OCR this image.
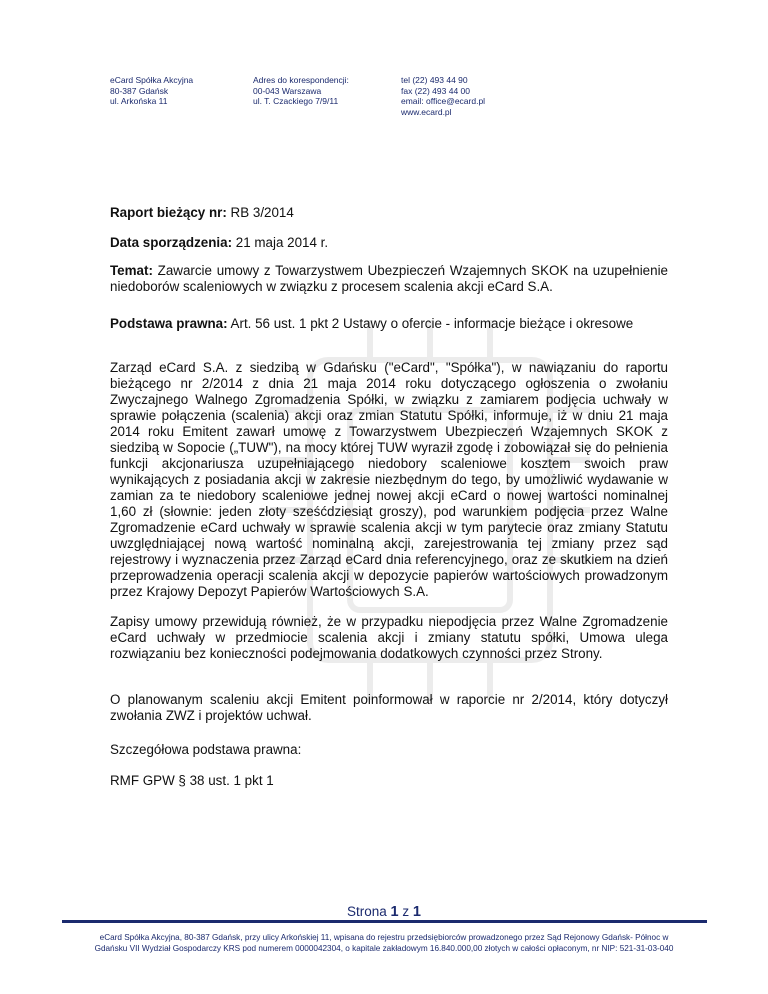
eCard Spółka Akcyjna
80-387 Gdańsk
ul. Arkońska 11
Adres do korespondencji:
00-043 Warszawa
ul. T. Czackiego 7/9/11
tel (22) 493 44 90
fax (22) 493 44 00
email: office@ecard.pl
www.ecard.pl

Raport bieżący nr: RB 3/2014

Data sporządzenia: 21 maja 2014 r.

Temat: Zawarcie umowy z Towarzystwem Ubezpieczeń Wzajemnych SKOK na uzupełnienie niedoborów scaleniowych w związku z procesem scalenia akcji eCard S.A.

Podstawa prawna: Art. 56 ust. 1 pkt 2 Ustawy o ofercie - informacje bieżące i okresowe

Zarząd eCard S.A. z siedzibą w Gdańsku ("eCard", "Spółka"), w nawiązaniu do raportu bieżącego nr 2/2014 z dnia 21 maja 2014 roku dotyczącego ogłoszenia o zwołaniu Zwyczajnego Walnego Zgromadzenia Spółki, w związku z zamiarem podjęcia uchwały w sprawie połączenia (scalenia) akcji oraz zmian Statutu Spółki, informuje, iż w dniu 21 maja 2014 roku Emitent zawarł umowę z Towarzystwem Ubezpieczeń Wzajemnych SKOK z siedzibą w Sopocie („TUW"), na mocy której TUW wyraził zgodę i zobowiązał się do pełnienia funkcji akcjonariusza uzupełniającego niedobory scaleniowe kosztem swoich praw wynikających z posiadania akcji w zakresie niezbędnym do tego, by umożliwić wydawanie w zamian za te niedobory scaleniowe jednej nowej akcji eCard o nowej wartości nominalnej 1,60 zł (słownie: jeden złoty sześćdziesiąt groszy), pod warunkiem podjęcia przez Walne Zgromadzenie eCard uchwały w sprawie scalenia akcji w tym parytecie oraz zmiany Statutu uwzględniającej nową wartość nominalną akcji, zarejestrowania tej zmiany przez sąd rejestrowy i wyznaczenia przez Zarząd eCard dnia referencyjnego, oraz ze skutkiem na dzień przeprowadzenia operacji scalenia akcji w depozycie papierów wartościowych prowadzonym przez Krajowy Depozyt Papierów Wartościowych S.A.

Zapisy umowy przewidują również, że w przypadku niepodjęcia przez Walne Zgromadzenie eCard uchwały w przedmiocie scalenia akcji i zmiany statutu spółki, Umowa ulega rozwiązaniu bez konieczności podejmowania dodatkowych czynności przez Strony.

O planowanym scaleniu akcji Emitent poinformował w raporcie nr 2/2014, który dotyczył zwołania ZWZ i projektów uchwał.

Szczegółowa podstawa prawna:

RMF GPW § 38 ust. 1 pkt 1

Strona 1 z 1
eCard Spółka Akcyjna, 80-387 Gdańsk, przy ulicy Arkońskiej 11, wpisana do rejestru przedsiębiorców prowadzonego przez Sąd Rejonowy Gdańsk- Północ w
Gdańsku VII Wydział Gospodarczy KRS pod numerem 0000042304, o kapitale zakładowym 16.840.000,00 złotych w całości opłaconym, nr NIP: 521-31-03-040
